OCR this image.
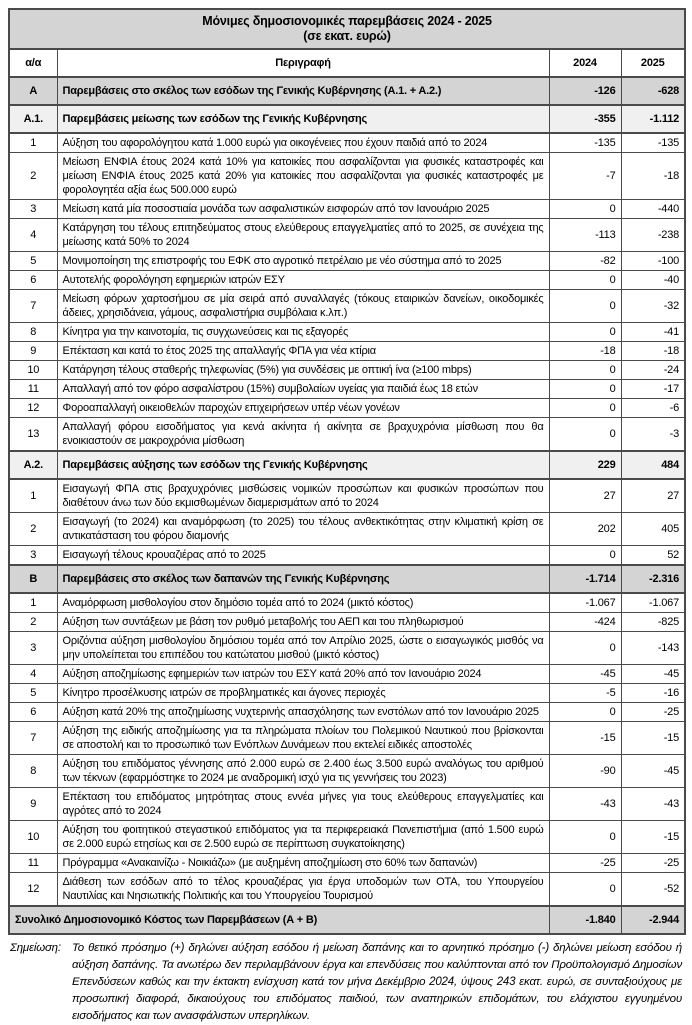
Μόνιμες δημοσιονομικές παρεμβάσεις 2024 - 2025
(σε εκατ. ευρώ)			

α/α	Περιγραφή	2024	2025
Α	Παρεμβάσεις στο σκέλος των εσόδων της Γενικής Κυβέρνησης (Α.1. + Α.2.)	-126	-628
Α.1.	Παρεμβάσεις μείωσης των εσόδων της Γενικής Κυβέρνησης	-355	-1.112
1	Αύξηση του αφορολόγητου κατά 1.000 ευρώ για οικογένειες που έχουν παιδιά από το 2024	-135	-135
2	Μείωση ΕΝΦΙΑ έτους 2024 κατά 10% για κατοικίες που ασφαλίζονται για φυσικές καταστροφές και μείωση ΕΝΦΙΑ έτους 2025 κατά 20% για κατοικίες που ασφαλίζονται για φυσικές καταστροφές με φορολογητέα αξία έως 500.000 ευρώ	-7	-18
3	Μείωση κατά μία ποσοστιαία μονάδα των ασφαλιστικών εισφορών από τον Ιανουάριο 2025	0	-440
4	Κατάργηση του τέλους επιτηδεύματος στους ελεύθερους επαγγελματίες από το 2025, σε συνέχεια της μείωσης κατά 50% το 2024	-113	-238
5	Μονιμοποίηση της επιστροφής του ΕΦΚ στο αγροτικό πετρέλαιο με νέο σύστημα από το 2025	-82	-100
6	Αυτοτελής φορολόγηση εφημεριών ιατρών ΕΣΥ	0	-40
7	Μείωση φόρων χαρτοσήμου σε μία σειρά από συναλλαγές (τόκους εταιρικών δανείων, οικοδομικές άδειες, χρησιδάνεια, γάμους, ασφαλιστήρια συμβόλαια κ.λπ.)	0	-32
8	Κίνητρα για την καινοτομία, τις συγχωνεύσεις και τις εξαγορές	0	-41
9	Επέκταση και κατά το έτος 2025 της απαλλαγής ΦΠΑ για νέα κτίρια	-18	-18
10	Κατάργηση τέλους σταθερής τηλεφωνίας (5%) για συνδέσεις με οπτική ίνα (≥100 mbps)	0	-24
11	Απαλλαγή από τον φόρο ασφαλίστρου (15%) συμβολαίων υγείας για παιδιά έως 18 ετών	0	-17
12	Φοροαπαλλαγή οικειοθελών παροχών επιχειρήσεων υπέρ νέων γονέων	0	-6
13	Απαλλαγή φόρου εισοδήματος για κενά ακίνητα ή ακίνητα σε βραχυχρόνια μίσθωση που θα ενοικιαστούν σε μακροχρόνια μίσθωση	0	-3
Α.2.	Παρεμβάσεις αύξησης των εσόδων της Γενικής Κυβέρνησης	229	484
1	Εισαγωγή ΦΠΑ στις βραχυχρόνιες μισθώσεις νομικών προσώπων και φυσικών προσώπων που διαθέτουν άνω των δύο εκμισθωμένων διαμερισμάτων από το 2024	27	27
2	Εισαγωγή (το 2024) και αναμόρφωση (το 2025) του τέλους ανθεκτικότητας στην κλιματική κρίση σε αντικατάσταση του φόρου διαμονής	202	405
3	Εισαγωγή τέλους κρουαζιέρας από το 2025	0	52
Β	Παρεμβάσεις στο σκέλος των δαπανών της Γενικής Κυβέρνησης	-1.714	-2.316
1	Αναμόρφωση μισθολογίου στον δημόσιο τομέα από το 2024 (μικτό κόστος)	-1.067	-1.067
2	Αύξηση των συντάξεων με βάση τον ρυθμό μεταβολής του ΑΕΠ και του πληθωρισμού	-424	-825
3	Οριζόντια αύξηση μισθολογίου δημόσιου τομέα από τον Απρίλιο 2025, ώστε ο εισαγωγικός μισθός να μην υπολείπεται του επιπέδου του κατώτατου μισθού (μικτό κόστος)	0	-143
4	Αύξηση αποζημίωσης εφημεριών των ιατρών του ΕΣΥ κατά 20% από τον Ιανουάριο 2024	-45	-45
5	Κίνητρο προσέλκυσης ιατρών σε προβληματικές και άγονες περιοχές	-5	-16
6	Αύξηση κατά 20% της αποζημίωσης νυχτερινής απασχόλησης των ενστόλων από τον Ιανουάριο 2025	0	-25
7	Αύξηση της ειδικής αποζημίωσης για τα πληρώματα πλοίων του Πολεμικού Ναυτικού που βρίσκονται σε αποστολή και το προσωπικό των Ενόπλων Δυνάμεων που εκτελεί ειδικές αποστολές	-15	-15
8	Αύξηση του επιδόματος γέννησης από 2.000 ευρώ σε 2.400 έως 3.500 ευρώ αναλόγως του αριθμού των τέκνων (εφαρμόστηκε το 2024 με αναδρομική ισχύ για τις γεννήσεις του 2023)	-90	-45
9	Επέκταση του επιδόματος μητρότητας στους εννέα μήνες για τους ελεύθερους επαγγελματίες και αγρότες από το 2024	-43	-43
10	Αύξηση του φοιτητικού στεγαστικού επιδόματος για τα περιφερειακά Πανεπιστήμια (από 1.500 ευρώ σε 2.000 ευρώ ετησίως και σε 2.500 ευρώ σε περίπτωση συγκατοίκησης)	0	-15
11	Πρόγραμμα «Ανακαινίζω - Νοικιάζω» (με αυξημένη αποζημίωση στο 60% των δαπανών)	-25	-25
12	Διάθεση των εσόδων από το τέλος κρουαζιέρας για έργα υποδομών των ΟΤΑ, του Υπουργείου Ναυτιλίας και Νησιωτικής Πολιτικής και του Υπουργείου Τουρισμού	0	-52
Συνολικό Δημοσιονομικό Κόστος των Παρεμβάσεων (Α + Β)		-1.840	-2.944
Σημείωση: Το θετικό πρόσημο (+) δηλώνει αύξηση εσόδου ή μείωση δαπάνης και το αρνητικό πρόσημο (-) δηλώνει μείωση εσόδου ή αύξηση δαπάνης. Τα ανωτέρω δεν περιλαμβάνουν έργα και επενδύσεις που καλύπτονται από τον Προϋπολογισμό Δημοσίων Επενδύσεων καθώς και την έκτακτη ενίσχυση κατά τον μήνα Δεκέμβριο 2024, ύψους 243 εκατ. ευρώ, σε συνταξιούχους με προσωπική διαφορά, δικαιούχους του επιδόματος παιδιού, των αναπηρικών επιδομάτων, του ελάχιστου εγγυημένου εισοδήματος και των ανασφάλιστων υπερηλίκων.
